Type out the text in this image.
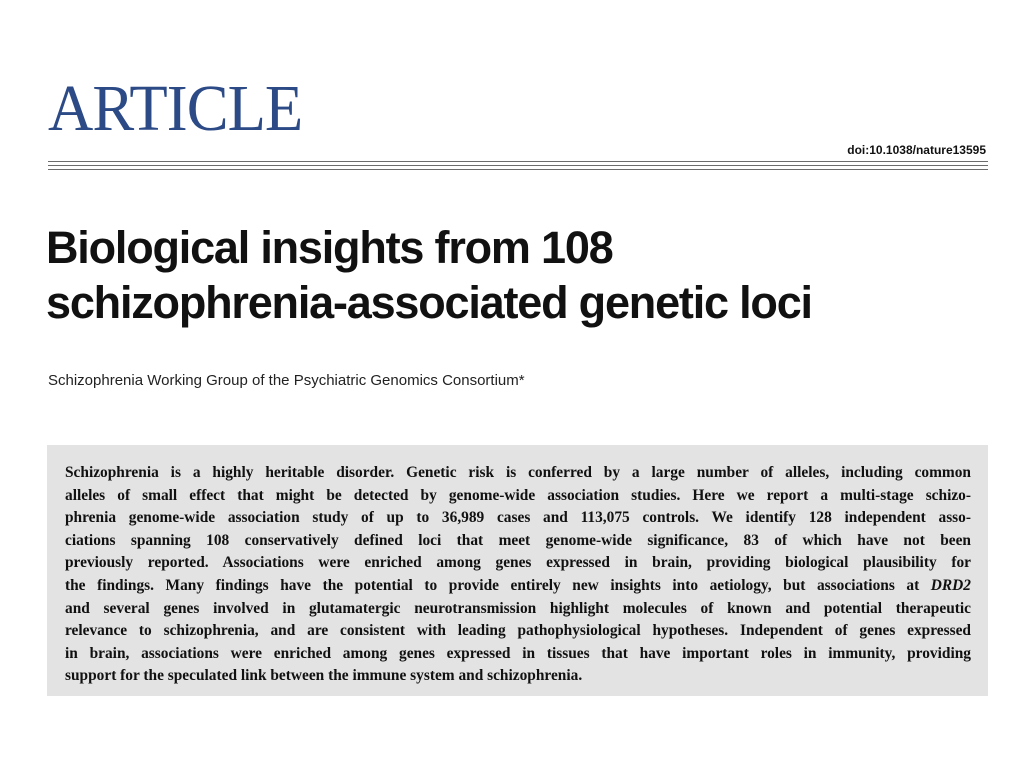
ARTICLE
doi:10.1038/nature13595
Biological insights from 108
schizophrenia-associated genetic loci
Schizophrenia Working Group of the Psychiatric Genomics Consortium*

Schizophrenia is a highly heritable disorder. Genetic risk is conferred by a large number of alleles, including common
alleles of small effect that might be detected by genome-wide association studies. Here we report a multi-stage schizo-
phrenia genome-wide association study of up to 36,989 cases and 113,075 controls. We identify 128 independent asso-
ciations spanning 108 conservatively defined loci that meet genome-wide significance, 83 of which have not been
previously reported. Associations were enriched among genes expressed in brain, providing biological plausibility for
the findings. Many findings have the potential to provide entirely new insights into aetiology, but associations at DRD2
and several genes involved in glutamatergic neurotransmission highlight molecules of known and potential therapeutic
relevance to schizophrenia, and are consistent with leading pathophysiological hypotheses. Independent of genes expressed
in brain, associations were enriched among genes expressed in tissues that have important roles in immunity, providing
support for the speculated link between the immune system and schizophrenia.
